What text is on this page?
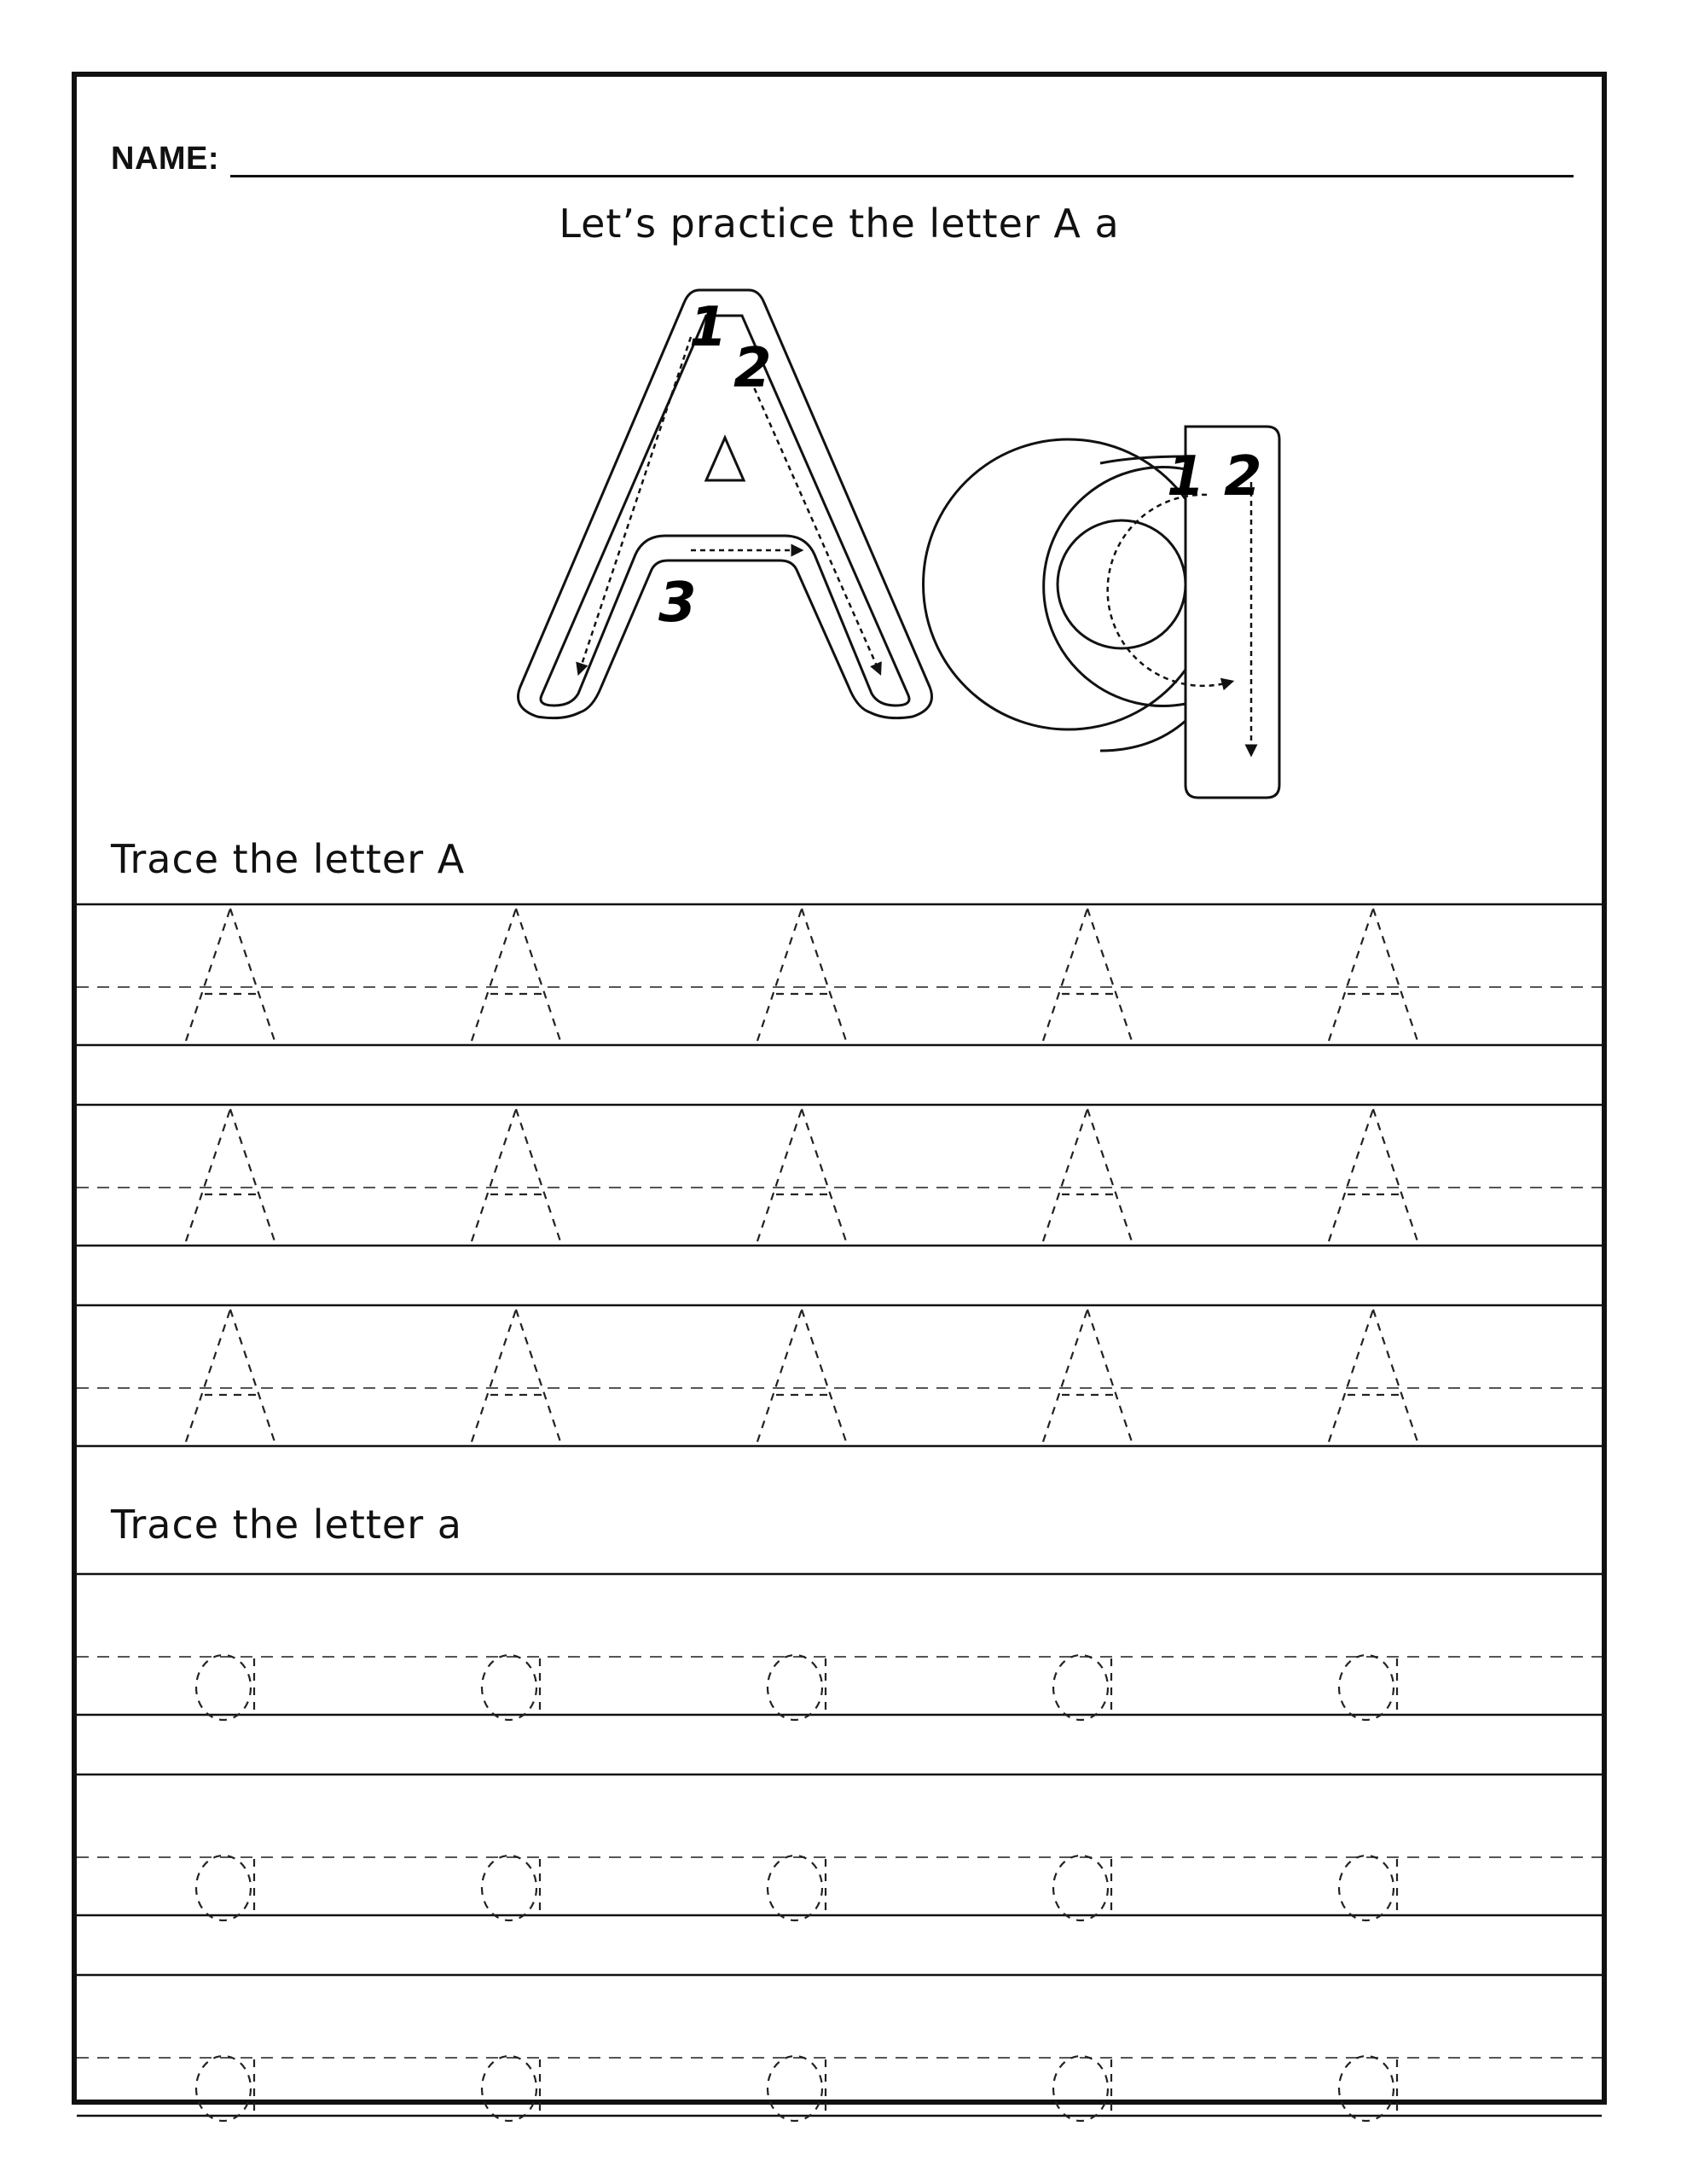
NAME:
Let’s practice the letter A a
1
2
3
1 2
Trace the letter A
Trace the letter a
